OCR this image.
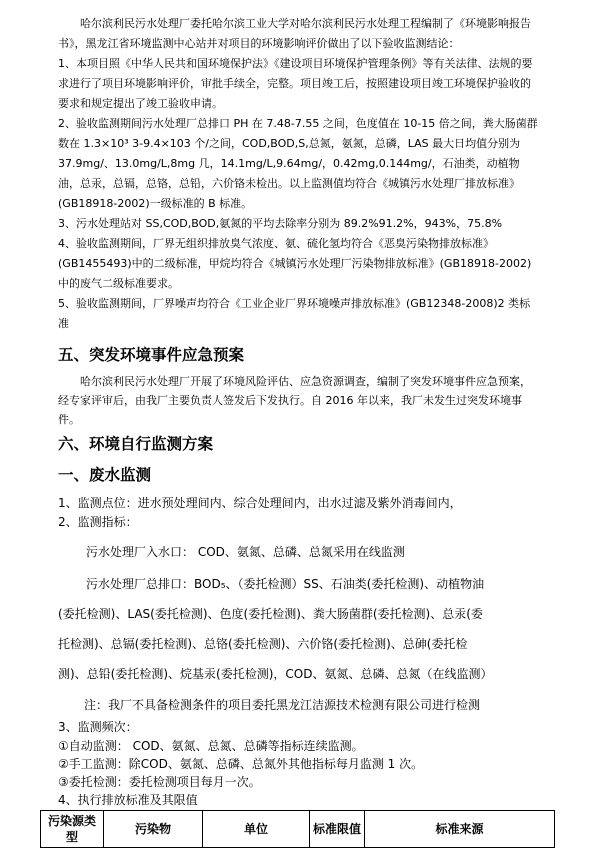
哈尔滨利民污水处理厂委托哈尔滨工业大学对哈尔滨利民污水处理工程编制了《环境影响报告书》，黑龙江省环境监测中心站并对项目的环境影响评价做出了以下验收监测结论：

1、本项目照《中华人民共和国环境保护法》《建设项目环境保护管理条例》等有关法律、法规的要求进行了项目环境影响评价，审批手续全，完整。项目竣工后，按照建设项目竣工环境保护验收的要求和规定提出了竣工验收申请。

2、验收监测期间污水处理厂总排口 PH 在 7.48-7.55 之间，色度值在 10-15 倍之间，粪大肠菌群数在 1.3×10³ 3-9.4×103 个/之间，COD,BOD,S,总氮，氨氮，总磷，LAS 最大日均值分别为 37.9mg/、13.0mg/L,8mg 几，14.1mg/L,9.64mg/，0.42mg,0.144mg/，石油类，动植物油，总汞，总镉，总铬，总铅，六价铬未检出。以上监测值均符合《城镇污水处理厂排放标准》(GB18918-2002)一级标准的 B 标准。

3、污水处理站对 SS,COD,BOD,氨氮的平均去除率分别为 89.2%91.2%，943%，75.8%

4、验收监测期间，厂界无组织排放臭气浓度、氨、硫化氢均符合《恶臭污染物排放标准》(GB1455493)中的二级标准，甲烷均符合《城镇污水处理厂污染物排放标准》(GB18918-2002)中的废气二级标准要求。

5、验收监测期间，厂界噪声均符合《工业企业厂界环境噪声排放标准》(GB12348-2008)2 类标准

五、突发环境事件应急预案

哈尔滨利民污水处理厂开展了环境风险评估、应急资源调查，编制了突发环境事件应急预案，经专家评审后，由我厂主要负责人签发后下发执行。自 2016 年以来，我厂未发生过突发环境事件。

六、环境自行监测方案
一、废水监测

1、监测点位：进水预处理间内、综合处理间内，出水过滤及紫外消毒间内，

2、监测指标：

污水处理厂入水口： COD、氨氮、总磷、总氮采用在线监测

污水处理厂总排口：BOD₅、（委托检测）SS、石油类(委托检测)、动植物油

(委托检测)、LAS(委托检测)、色度(委托检测)、粪大肠菌群(委托检测)、总汞(委

托检测)、总镉(委托检测)、总铬(委托检测)、六价铬(委托检测)、总砷(委托检

测)、总铅(委托检测)、烷基汞(委托检测)，COD、氨氮、总磷、总氮（在线监测）

注：我厂不具备检测条件的项目委托黑龙江洁源技术检测有限公司进行检测

3、监测频次：

①自动监测： COD、氨氮、总氮、总磷等指标连续监测。

②手工监测：除COD、氨氮、总磷、总氮外其他指标每月监测 1 次。

③委托检测：委托检测项目每月一次。

4、执行排放标准及其限值

污染源类型	污染物	单位	标准限值	标准来源
